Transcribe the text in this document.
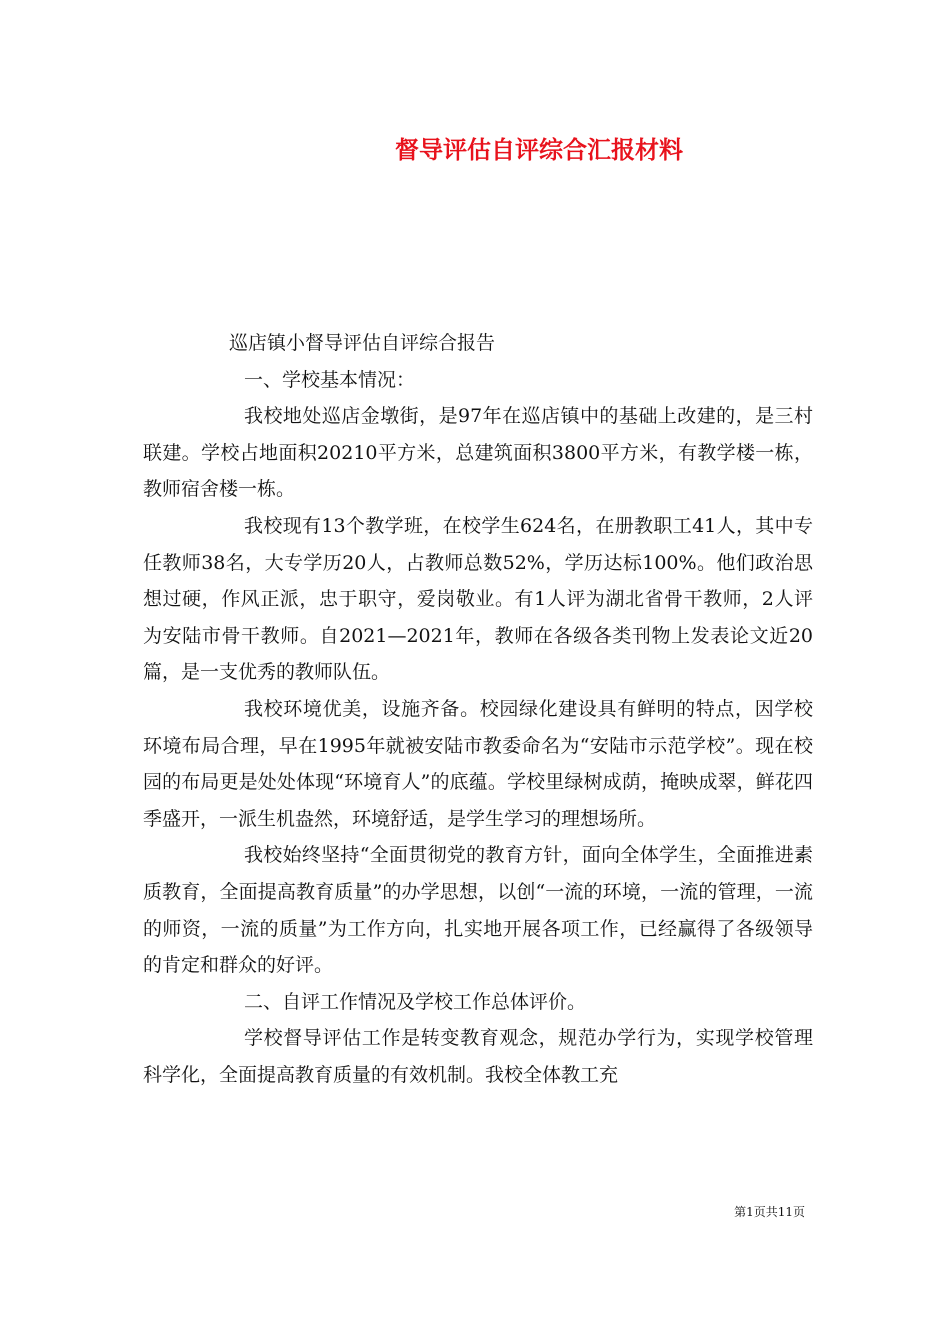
督导评估自评综合汇报材料

巡店镇小督导评估自评综合报告

一、学校基本情况：

我校地处巡店金墩街，是97年在巡店镇中的基础上改建的，是三村联建。学校占地面积20210平方米，总建筑面积3800平方米，有教学楼一栋，教师宿舍楼一栋。

我校现有13个教学班，在校学生624名，在册教职工41人，其中专任教师38名，大专学历20人，占教师总数52%，学历达标100%。他们政治思想过硬，作风正派，忠于职守，爱岗敬业。有1人评为湖北省骨干教师，2人评为安陆市骨干教师。自2021—2021年，教师在各级各类刊物上发表论文近20篇，是一支优秀的教师队伍。

我校环境优美，设施齐备。校园绿化建设具有鲜明的特点，因学校环境布局合理，早在1995年就被安陆市教委命名为“安陆市示范学校”。现在校园的布局更是处处体现“环境育人”的底蕴。学校里绿树成荫，掩映成翠，鲜花四季盛开，一派生机盎然，环境舒适，是学生学习的理想场所。

我校始终坚持“全面贯彻党的教育方针，面向全体学生，全面推进素质教育，全面提高教育质量”的办学思想，以创“一流的环境，一流的管理，一流的师资，一流的质量”为工作方向，扎实地开展各项工作，已经赢得了各级领导的肯定和群众的好评。

二、自评工作情况及学校工作总体评价。

学校督导评估工作是转变教育观念，规范办学行为，实现学校管理科学化，全面提高教育质量的有效机制。我校全体教工充

第1页共11页
